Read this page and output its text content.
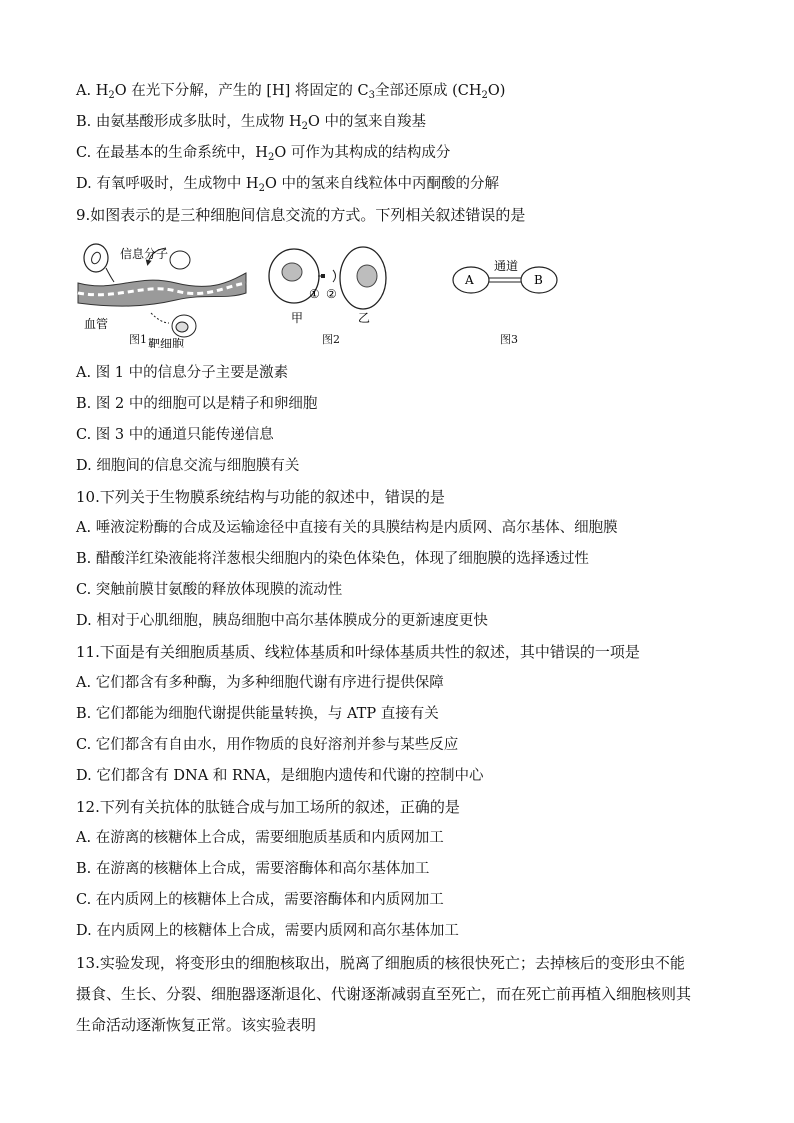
A. $H_2O$ 在光下分解，产生的 [H] 将固定的 $C_3$全部还原成 $(CH_2O)$
B. 由氨基酸形成多肽时，生成物 $H_2O$ 中的氢来自羧基
C. 在最基本的生命系统中，$H_2O$ 可作为其构成的结构成分
D. 有氧呼吸时，生成物中 $H_2O$ 中的氢来自线粒体中丙酮酸的分解
9.如图表示的是三种细胞间信息交流的方式。下列相关叙述错误的是
信息分子
血管
靶细胞
① ②
甲	乙
A	B
通道
图1	图2	图3
A. 图 1 中的信息分子主要是激素
B. 图 2 中的细胞可以是精子和卵细胞
C. 图 3 中的通道只能传递信息
D. 细胞间的信息交流与细胞膜有关
10.下列关于生物膜系统结构与功能的叙述中，错误的是
A. 唾液淀粉酶的合成及运输途径中直接有关的具膜结构是内质网、高尔基体、细胞膜
B. 醋酸洋红染液能将洋葱根尖细胞内的染色体染色，体现了细胞膜的选择透过性
C. 突触前膜甘氨酸的释放体现膜的流动性
D. 相对于心肌细胞，胰岛细胞中高尔基体膜成分的更新速度更快
11.下面是有关细胞质基质、线粒体基质和叶绿体基质共性的叙述，其中错误的一项是
A. 它们都含有多种酶，为多种细胞代谢有序进行提供保障
B. 它们都能为细胞代谢提供能量转换，与 ATP 直接有关
C. 它们都含有自由水，用作物质的良好溶剂并参与某些反应
D. 它们都含有 DNA 和 RNA，是细胞内遗传和代谢的控制中心
12.下列有关抗体的肽链合成与加工场所的叙述，正确的是
A. 在游离的核糖体上合成，需要细胞质基质和内质网加工
B. 在游离的核糖体上合成，需要溶酶体和高尔基体加工
C. 在内质网上的核糖体上合成，需要溶酶体和内质网加工
D. 在内质网上的核糖体上合成，需要内质网和高尔基体加工
13.实验发现，将变形虫的细胞核取出，脱离了细胞质的核很快死亡；去掉核后的变形虫不能
摄食、生长、分裂、细胞器逐渐退化、代谢逐渐减弱直至死亡，而在死亡前再植入细胞核则其
生命活动逐渐恢复正常。该实验表明
